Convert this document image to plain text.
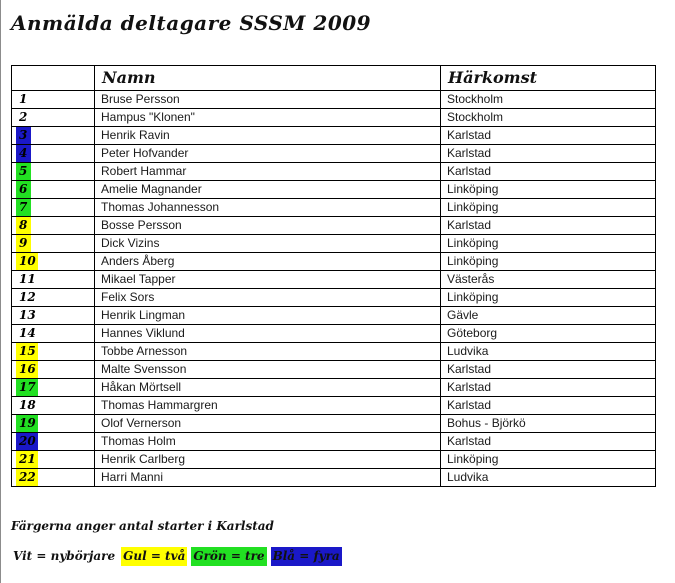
Anmälda deltagare SSSM 2009
	Namn	Härkomst
1	Bruse Persson	Stockholm
2	Hampus "Klonen"	Stockholm
3	Henrik Ravin	Karlstad
4	Peter Hofvander	Karlstad
5	Robert Hammar	Karlstad
6	Amelie Magnander	Linköping
7	Thomas Johannesson	Linköping
8	Bosse Persson	Karlstad
9	Dick Vizins	Linköping
10	Anders Åberg	Linköping
11	Mikael Tapper	Västerås
12	Felix Sors	Linköping
13	Henrik Lingman	Gävle
14	Hannes Viklund	Göteborg
15	Tobbe Arnesson	Ludvika
16	Malte Svensson	Karlstad
17	Håkan Mörtsell	Karlstad
18	Thomas Hammargren	Karlstad
19	Olof Vernerson	Bohus - Björkö
20	Thomas Holm	Karlstad
21	Henrik Carlberg	Linköping
22	Harri Manni	Ludvika
Färgerna anger antal starter i Karlstad
Vit = nybörjare Gul = två Grön = tre Blå = fyra
